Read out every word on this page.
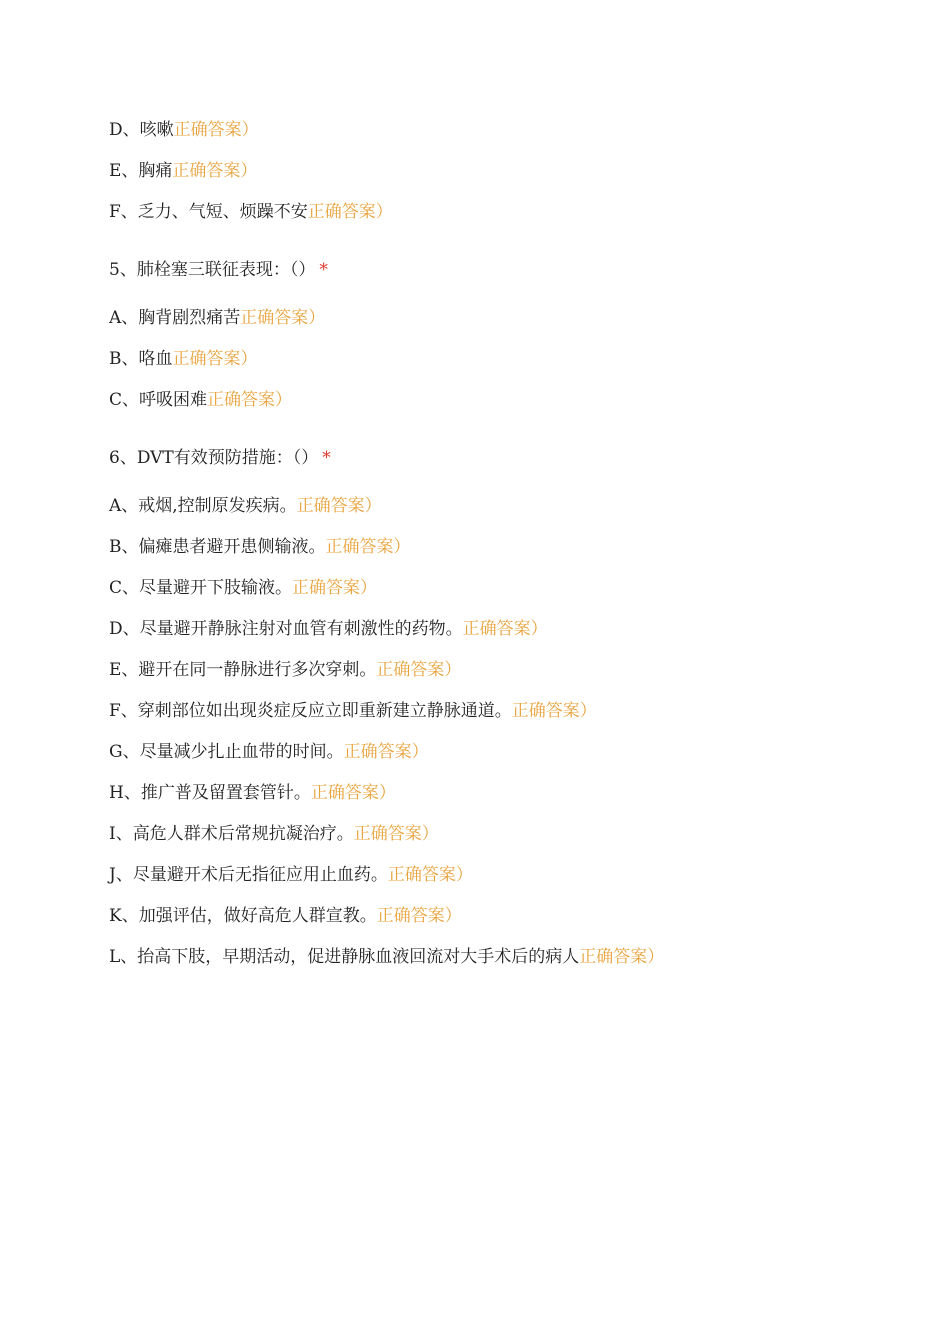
D、咳嗽正确答案）
E、胸痛正确答案）
F、乏力、气短、烦躁不安正确答案）
5、肺栓塞三联征表现：（） *
A、胸背剧烈痛苦正确答案）
B、咯血正确答案）
C、呼吸困难正确答案）
6、DVT有效预防措施：（） *
A、戒烟,控制原发疾病。正确答案）
B、偏瘫患者避开患侧输液。正确答案）
C、尽量避开下肢输液。正确答案）
D、尽量避开静脉注射对血管有刺激性的药物。正确答案）
E、避开在同一静脉进行多次穿刺。正确答案）
F、穿刺部位如出现炎症反应立即重新建立静脉通道。正确答案）
G、尽量减少扎止血带的时间。正确答案）
H、推广普及留置套管针。正确答案）
I、高危人群术后常规抗凝治疗。正确答案）
J、尽量避开术后无指征应用止血药。正确答案）
K、加强评估，做好高危人群宣教。正确答案）
L、抬高下肢，早期活动，促进静脉血液回流对大手术后的病人正确答案）
